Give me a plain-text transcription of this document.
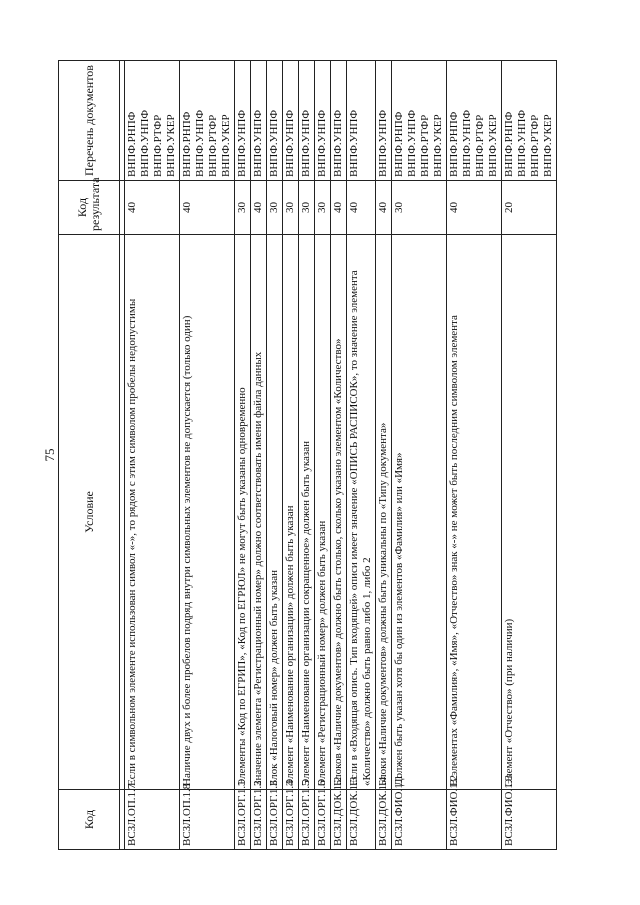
75
Код	Условие	Код результата	Перечень документов

ВСЗЛ.ОП.1.7	Если в символьном элементе использован символ «-», то рядом с этим символом пробелы недопустимы	40	ВНПФ.РНПФ ВНПФ.УНПФ ВНПФ.РТФР ВНПФ.УКЕР

ВСЗЛ.ОП.1.8	Наличие двух и более пробелов подряд внутри символьных элементов не допускается (только один)	40	ВНПФ.РНПФ ВНПФ.УНПФ ВНПФ.РТФР ВНПФ.УКЕР

ВСЗЛ.ОРГ.1.1	Элементы «Код по ЕГРИП», «Код по ЕГРЮЛ» не могут быть указаны одновременно	30	ВНПФ.УНПФ

ВСЗЛ.ОРГ.1.2	Значение элемента «Регистрационный номер» должно соответствовать имени файла данных	40	ВНПФ.УНПФ

ВСЗЛ.ОРГ.1.3	Блок «Налоговый номер» должен быть указан	30	ВНПФ.УНПФ

ВСЗЛ.ОРГ.1.4	Элемент «Наименование организации» должен быть указан	30	ВНПФ.УНПФ

ВСЗЛ.ОРГ.1.5	Элемент «Наименование организации сокращенное» должен быть указан	30	ВНПФ.УНПФ

ВСЗЛ.ОРГ.1.6	Элемент «Регистрационный номер» должен быть указан	30	ВНПФ.УНПФ

ВСЗЛ.ДОК.1.2	Блоков «Наличие документов» должно быть столько, сколько указано элементом «Количество»	40	ВНПФ.УНПФ

ВСЗЛ.ДОК.1.3	Если в «Входящая опись. Тип входящей» описи имеет значение «ОПИСЬ РАСПИСОК», то значение элемента «Количество» должно быть равно либо 1, либо 2	40	ВНПФ.УНПФ

ВСЗЛ.ДОК.1.4	Блоки «Наличие документов» должны быть уникальны по «Типу документа»	40	ВНПФ.УНПФ

ВСЗЛ.ФИО.1.1	Должен быть указан хотя бы один из элементов «Фамилия» или «Имя»	30	ВНПФ.РНПФ ВНПФ.УНПФ ВНПФ.РТФР ВНПФ.УКЕР

ВСЗЛ.ФИО.1.2	В элементах «Фамилия», «Имя», «Отчество» знак «-» не может быть последним символом элемента	40	ВНПФ.РНПФ ВНПФ.УНПФ ВНПФ.РТФР ВНПФ.УКЕР

ВСЗЛ.ФИО.1.3	Элемент «Отчество» (при наличии)	20	ВНПФ.РНПФ ВНПФ.УНПФ ВНПФ.РТФР ВНПФ.УКЕР
